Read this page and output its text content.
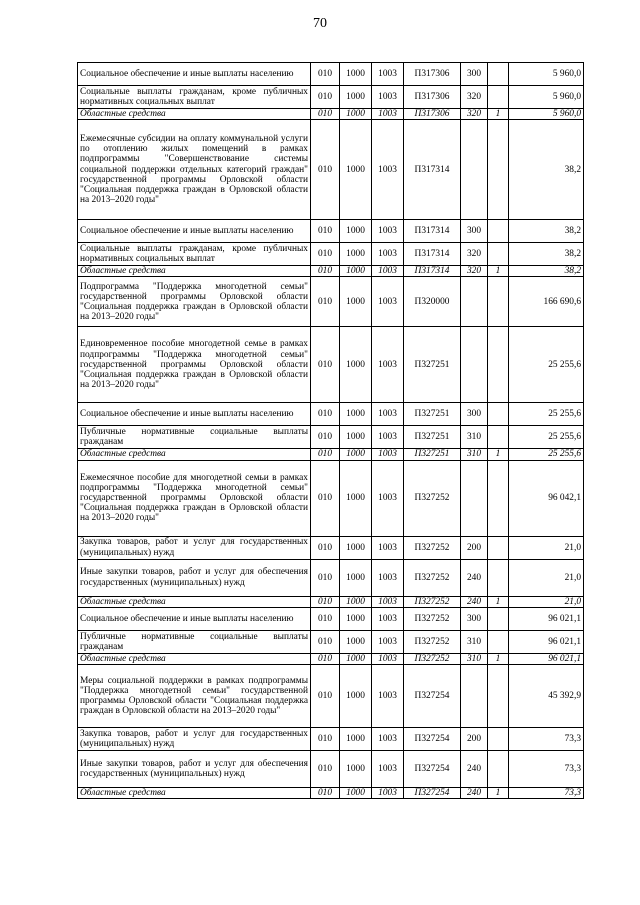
70
Социальное обеспечение и иные выплаты населению	010	1000	1003	П317306	300		5 960,0
Социальные выплаты гражданам, кроме публичных нормативных социальных выплат	010	1000	1003	П317306	320		5 960,0
Областные средства	010	1000	1003	П317306	320	1	5 960,0
Ежемесячные субсидии на оплату коммунальной услуги по отоплению жилых помещений в рамках подпрограммы "Совершенствование системы социальной поддержки отдельных категорий граждан" государственной программы Орловской области "Социальная поддержка граждан в Орловской области на 2013–2020 годы"	010	1000	1003	П317314			38,2
Социальное обеспечение и иные выплаты населению	010	1000	1003	П317314	300		38,2
Социальные выплаты гражданам, кроме публичных нормативных социальных выплат	010	1000	1003	П317314	320		38,2
Областные средства	010	1000	1003	П317314	320	1	38,2
Подпрограмма "Поддержка многодетной семьи" государственной программы Орловской области "Социальная поддержка граждан в Орловской области на 2013–2020 годы"	010	1000	1003	П320000			166 690,6
Единовременное пособие многодетной семье в рамках подпрограммы "Поддержка многодетной семьи" государственной программы Орловской области "Социальная поддержка граждан в Орловской области на 2013–2020 годы"	010	1000	1003	П327251			25 255,6
Социальное обеспечение и иные выплаты населению	010	1000	1003	П327251	300		25 255,6
Публичные нормативные социальные выплаты гражданам	010	1000	1003	П327251	310		25 255,6
Областные средства	010	1000	1003	П327251	310	1	25 255,6
Ежемесячное пособие для многодетной семьи в рамках подпрограммы "Поддержка многодетной семьи" государственной программы Орловской области "Социальная поддержка граждан в Орловской области на 2013–2020 годы"	010	1000	1003	П327252			96 042,1
Закупка товаров, работ и услуг для государственных (муниципальных) нужд	010	1000	1003	П327252	200		21,0
Иные закупки товаров, работ и услуг для обеспечения государственных (муниципальных) нужд	010	1000	1003	П327252	240		21,0
Областные средства	010	1000	1003	П327252	240	1	21,0
Социальное обеспечение и иные выплаты населению	010	1000	1003	П327252	300		96 021,1
Публичные нормативные социальные выплаты гражданам	010	1000	1003	П327252	310		96 021,1
Областные средства	010	1000	1003	П327252	310	1	96 021,1
Меры социальной поддержки в рамках подпрограммы "Поддержка многодетной семьи" государственной программы Орловской области "Социальная поддержка граждан в Орловской области на 2013–2020 годы"	010	1000	1003	П327254			45 392,9
Закупка товаров, работ и услуг для государственных (муниципальных) нужд	010	1000	1003	П327254	200		73,3
Иные закупки товаров, работ и услуг для обеспечения государственных (муниципальных) нужд	010	1000	1003	П327254	240		73,3
Областные средства	010	1000	1003	П327254	240	1	73,3
